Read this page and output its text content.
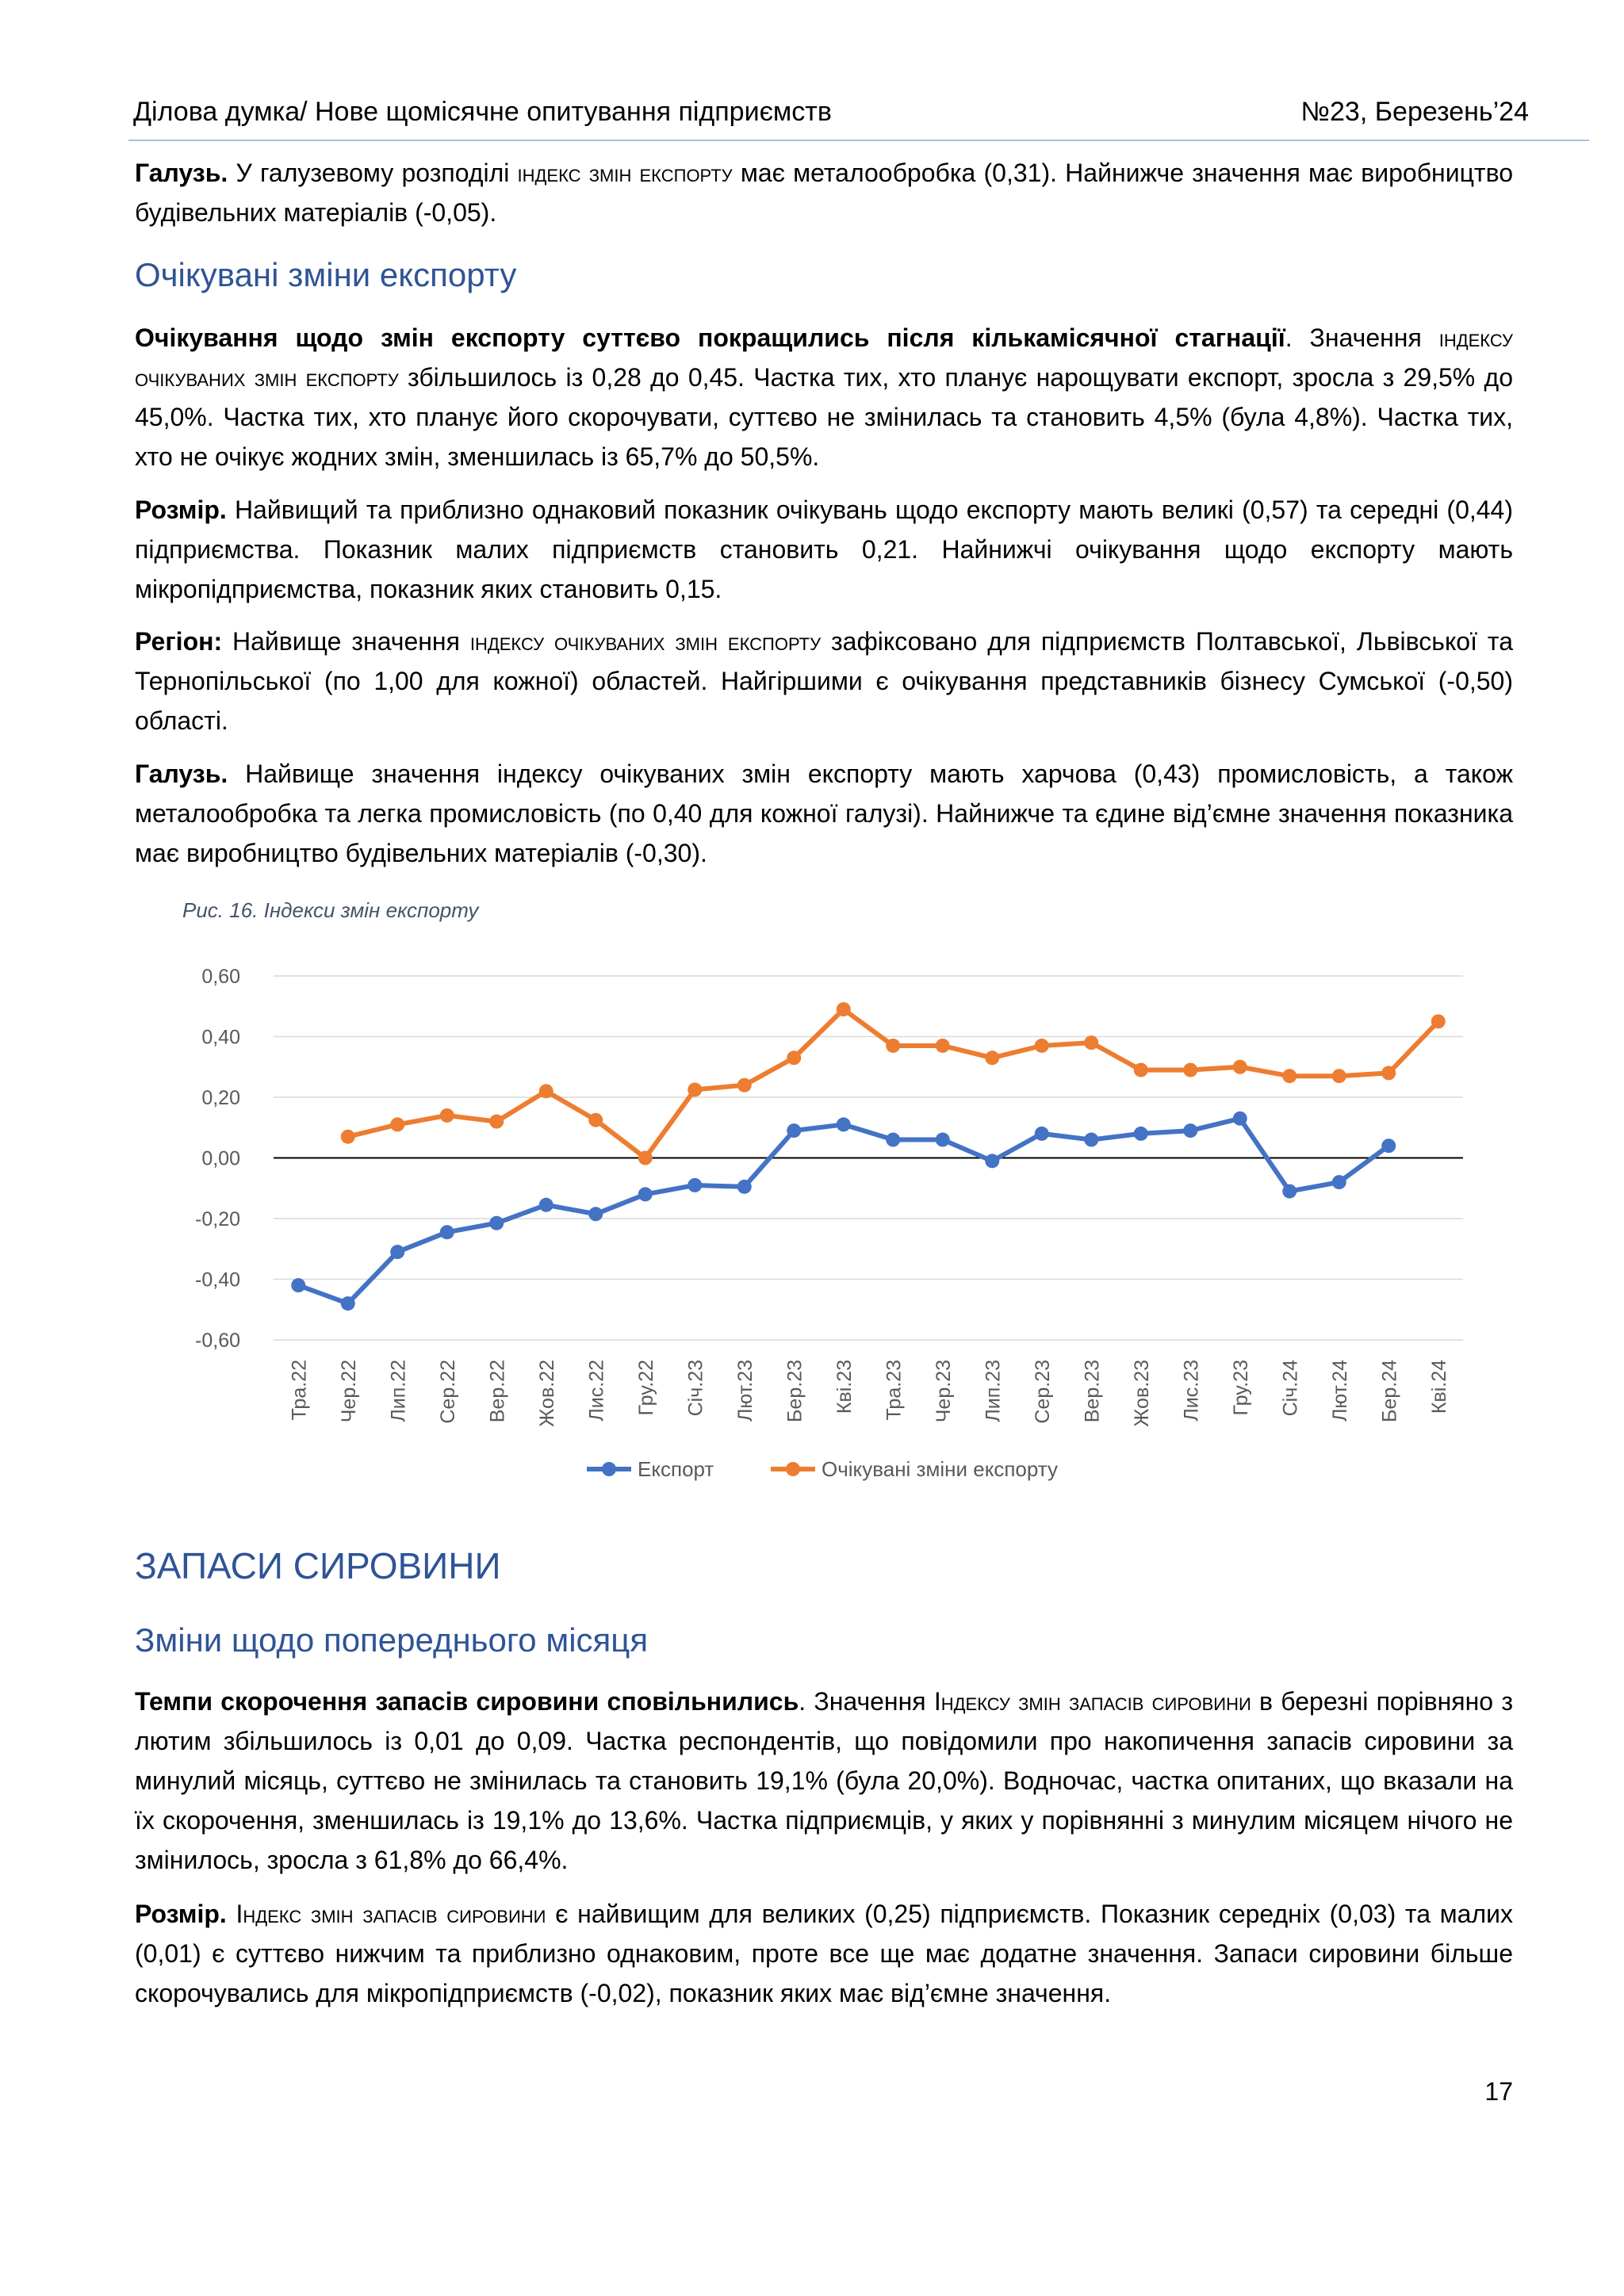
Ділова думка/ Нове щомісячне опитування підприємств	№23, Березень’24

Галузь. У галузевому розподілі індекс змін експорту має металообробка (0,31). Найнижче значення має виробництво будівельних матеріалів (-0,05).

Очікувані зміни експорту

Очікування щодо змін експорту суттєво покращились після кількамісячної стагнації. Значення індексу очікуваних змін експорту збільшилось із 0,28 до 0,45. Частка тих, хто планує нарощувати експорт, зросла з 29,5% до 45,0%. Частка тих, хто планує його скорочувати, суттєво не змінилась та становить 4,5% (була 4,8%). Частка тих, хто не очікує жодних змін, зменшилась із 65,7% до 50,5%.

Розмір. Найвищий та приблизно однаковий показник очікувань щодо експорту мають великі (0,57) та середні (0,44) підприємства. Показник малих підприємств становить 0,21. Найнижчі очікування щодо експорту мають мікропідприємства, показник яких становить 0,15.

Регіон: Найвище значення індексу очікуваних змін експорту зафіксовано для підприємств Полтавської, Львівської та Тернопільської (по 1,00 для кожної) областей. Найгіршими є очікування представників бізнесу Сумської (-0,50) області.

Галузь. Найвище значення індексу очікуваних змін експорту мають харчова (0,43) промисловість, а також металообробка та легка промисловість (по 0,40 для кожної галузі). Найнижче та єдине від’ємне значення показника має виробництво будівельних матеріалів (-0,30).

Рис. 16. Індекси змін експорту
0,60
0,40
0,20
0,00
-0,20
-0,40
-0,60
Тра.22 Чер.22 Лип.22 Сер.22 Вер.22 Жов.22 Лис.22 Гру.22 Січ.23 Лют.23 Бер.23 Кві.23 Тра.23 Чер.23 Лип.23 Сер.23 Вер.23 Жов.23 Лис.23 Гру.23 Січ.24 Лют.24 Бер.24 Кві.24
Експорт	Очікувані зміни експорту
ЗАПАСИ СИРОВИНИ
Зміни щодо попереднього місяця

Темпи скорочення запасів сировини сповільнились. Значення Індексу змін запасів сировини в березні порівняно з лютим збільшилось із 0,01 до 0,09. Частка респондентів, що повідомили про накопичення запасів сировини за минулий місяць, суттєво не змінилась та становить 19,1% (була 20,0%). Водночас, частка опитаних, що вказали на їх скорочення, зменшилась із 19,1% до 13,6%. Частка підприємців, у яких у порівнянні з минулим місяцем нічого не змінилось, зросла з 61,8% до 66,4%.

Розмір. Індекс змін запасів сировини є найвищим для великих (0,25) підприємств. Показник середніх (0,03) та малих (0,01) є суттєво нижчим та приблизно однаковим, проте все ще має додатне значення. Запаси сировини більше скорочувались для мікропідприємств (-0,02), показник яких має від’ємне значення.

17
